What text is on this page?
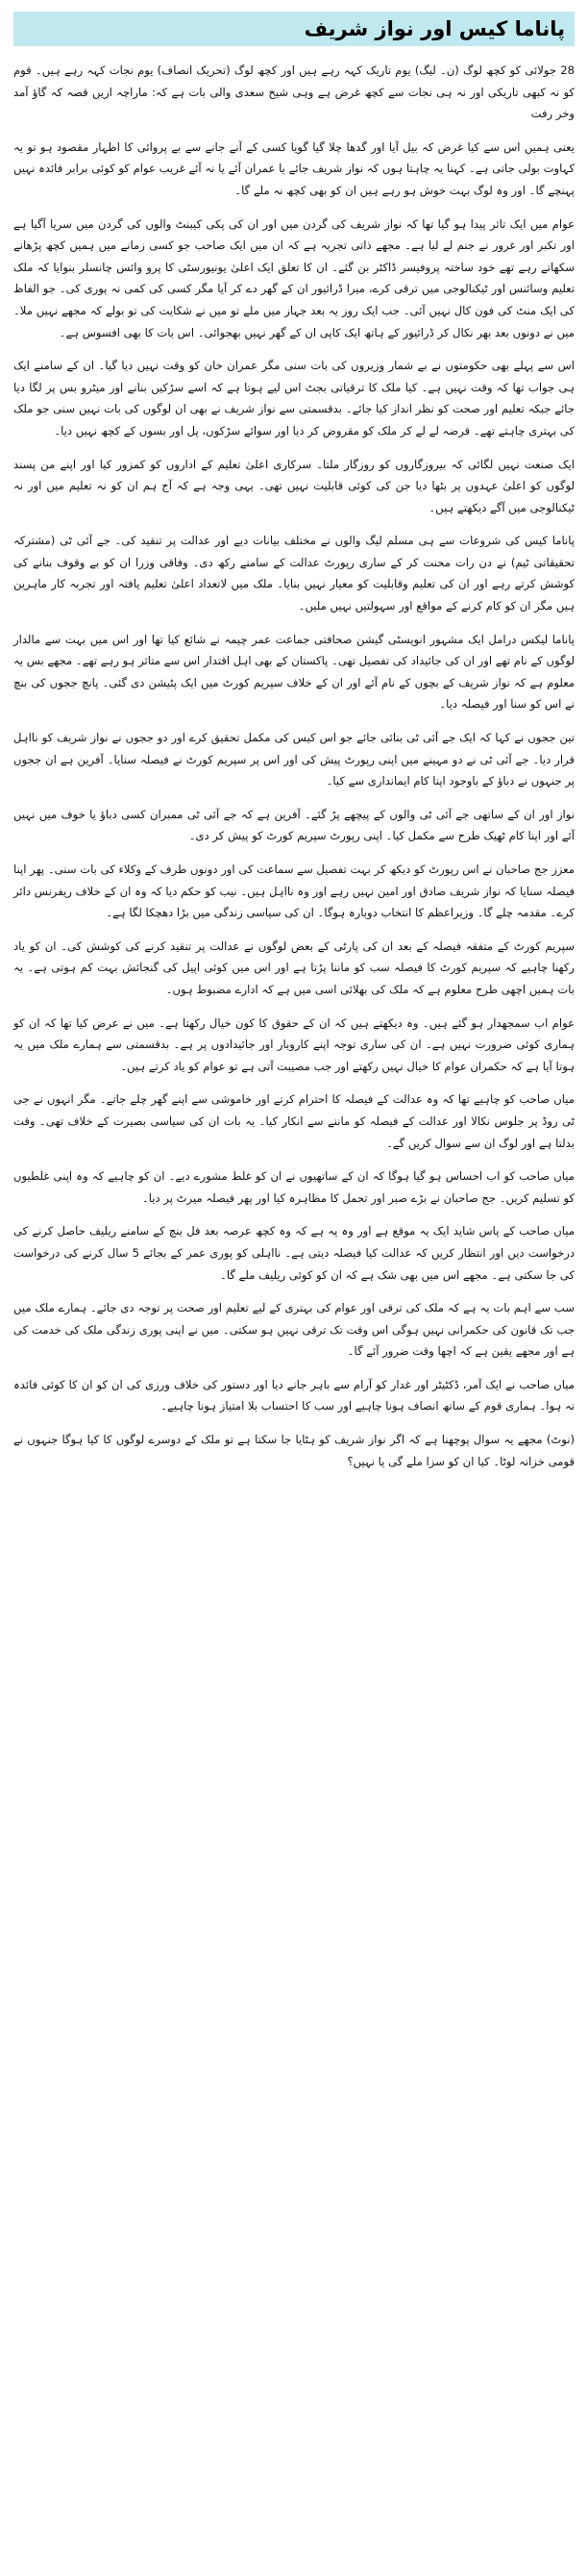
پاناما کیس اور نواز شریف

28 جولائی کو کچھ لوگ (ن۔ لیگ) یوم تاریک کہہ رہے ہیں اور کچھ لوگ (تحریک انصاف) یوم نجات کہہ رہے ہیں۔ قوم کو نہ کبھی تاریکی اور نہ ہی نجات سے کچھ غرض ہے وہی شیخ سعدی والی بات ہے کہ: ماراچہ ازیں قصہ کہ گاؤ آمد وخر رفت

یعنی ہمیں اس سے کیا غرض کہ بیل آیا اور گدھا چلا گیا گویا کسی کے آنے جانے سے بے پروائی کا اظہار مقصود ہو تو یہ کہاوت بولی جاتی ہے۔ کہنا یہ چاہتا ہوں کہ نواز شریف جائے یا عمران آئے یا نہ آئے غریب عوام کو کوئی برابر فائدہ نہیں پہنچے گا۔ اور وہ لوگ بہت خوش ہو رہے ہیں ان کو بھی کچھ نہ ملے گا۔

عوام میں ایک تاثر پیدا ہو گیا تھا کہ نواز شریف کی گردن میں اور ان کی پکی کیبنٹ والوں کی گردن میں سریا آگیا ہے اور تکبر اور غرور نے جنم لے لیا ہے۔ مجھے ذاتی تجربہ ہے کہ ان میں ایک صاحب جو کسی زمانے میں ہمیں کچھ پڑھانے سکھاتے رہے تھے خود ساختہ پروفیسر ڈاکٹر بن گئے۔ ان کا تعلق ایک اعلیٰ یونیورسٹی کا پرو وائس چانسلر بنوایا کہ ملک تعلیم وسائنس اور ٹیکنالوجی میں ترقی کرے، میرا ڈرائیور ان کے گھر دے کر آیا مگر کسی کی کمی نہ پوری کی۔ جو الفاظ کی ایک منٹ کی فون کال نہیں آئی۔ جب ایک روز یہ بعد جہاز میں ملے تو میں نے شکایت کی تو بولے کہ مجھے نہیں ملا۔ میں نے دونوں بعد بھر نکال کر ڈرائیور کے ہاتھ ایک کاپی ان کے گھر نہیں بھجوائی۔ اس بات کا بھی افسوس ہے۔

اس سے پہلے بھی حکومتوں نے بے شمار وزیروں کی بات سنی مگر عمران خان کو وقت نہیں دیا گیا۔ ان کے سامنے ایک ہی جواب تھا کہ وقت نہیں ہے۔ کیا ملک کا ترقیاتی بجٹ اس لیے ہوتا ہے کہ اسے سڑکیں بنانے اور میٹرو بس پر لگا دیا جائے جبکہ تعلیم اور صحت کو نظر انداز کیا جائے۔ بدقسمتی سے نواز شریف نے بھی ان لوگوں کی بات نہیں سنی جو ملک کی بہتری چاہتے تھے۔ قرضہ لے لے کر ملک کو مقروض کر دیا اور سوائے سڑکوں، پل اور بسوں کے کچھ نہیں دیا۔

ایک صنعت نہیں لگائی کہ بیروزگاروں کو روزگار ملتا۔ سرکاری اعلیٰ تعلیم کے اداروں کو کمزور کیا اور اپنے من پسند لوگوں کو اعلیٰ عہدوں پر بٹھا دیا جن کی کوئی قابلیت نہیں تھی۔ یہی وجہ ہے کہ آج ہم ان کو نہ تعلیم میں اور نہ ٹیکنالوجی میں آگے دیکھتے ہیں۔

پاناما کیس کی شروعات سے ہی مسلم لیگ والوں نے مختلف بیانات دیے اور عدالت پر تنقید کی۔ جے آئی ٹی (مشترکہ تحقیقاتی ٹیم) نے دن رات محنت کر کے ساری رپورٹ عدالت کے سامنے رکھ دی۔ وفاقی وزرا ان کو بے وقوف بنانے کی کوشش کرتے رہے اور ان کی تعلیم وقابلیت کو معیار نہیں بنایا۔ ملک میں لاتعداد اعلیٰ تعلیم یافتہ اور تجربہ کار ماہرین ہیں مگر ان کو کام کرنے کے مواقع اور سہولتیں نہیں ملیں۔

پاناما لیکس درامل ایک مشہور انویسٹی گیشن صحافتی جماعت عمر چیمہ نے شائع کیا تھا اور اس میں بہت سے مالدار لوگوں کے نام تھے اور ان کی جائیداد کی تفصیل تھی۔ پاکستان کے بھی اہل اقتدار اس سے متاثر ہو رہے تھے۔ مجھے بس یہ معلوم ہے کہ نواز شریف کے بچوں کے نام آئے اور ان کے خلاف سپریم کورٹ میں ایک پٹیشن دی گئی۔ پانچ ججوں کی بنچ نے اس کو سنا اور فیصلہ دیا۔

تین ججوں نے کہا کہ ایک جے آئی ٹی بنائی جائے جو اس کیس کی مکمل تحقیق کرے اور دو ججوں نے نواز شریف کو نااہل قرار دیا۔ جے آئی ٹی نے دو مہینے میں اپنی رپورٹ پیش کی اور اس پر سپریم کورٹ نے فیصلہ سنایا۔ آفرین ہے ان ججوں پر جنہوں نے دباؤ کے باوجود اپنا کام ایمانداری سے کیا۔

نواز اور ان کے ساتھی جے آئی ٹی والوں کے پیچھے پڑ گئے۔ آفرین ہے کہ جے آئی ٹی ممبران کسی دباؤ یا خوف میں نہیں آئے اور اپنا کام ٹھیک طرح سے مکمل کیا۔ اپنی رپورٹ سپریم کورٹ کو پیش کر دی۔

معزز جج صاحبان نے اس رپورٹ کو دیکھ کر بہت تفصیل سے سماعت کی اور دونوں طرف کے وکلاء کی بات سنی۔ پھر اپنا فیصلہ سنایا کہ نواز شریف صادق اور امین نہیں رہے اور وہ نااہل ہیں۔ نیب کو حکم دیا کہ وہ ان کے خلاف ریفرنس دائر کرے۔ مقدمہ چلے گا۔ وزیراعظم کا انتخاب دوبارہ ہوگا۔ ان کی سیاسی زندگی میں بڑا دھچکا لگا ہے۔

سپریم کورٹ کے متفقہ فیصلہ کے بعد ان کی پارٹی کے بعض لوگوں نے عدالت پر تنقید کرنے کی کوشش کی۔ ان کو یاد رکھنا چاہیے کہ سپریم کورٹ کا فیصلہ سب کو ماننا پڑتا ہے اور اس میں کوئی اپیل کی گنجائش بہت کم ہوتی ہے۔ یہ بات ہمیں اچھی طرح معلوم ہے کہ ملک کی بھلائی اسی میں ہے کہ ادارے مضبوط ہوں۔

عوام اب سمجھدار ہو گئے ہیں۔ وہ دیکھتے ہیں کہ ان کے حقوق کا کون خیال رکھتا ہے۔ میں نے عرض کیا تھا کہ ان کو ہماری کوئی ضرورت نہیں ہے۔ ان کی ساری توجہ اپنے کاروبار اور جائیدادوں پر ہے۔ بدقسمتی سے ہمارے ملک میں یہ ہوتا آیا ہے کہ حکمران عوام کا خیال نہیں رکھتے اور جب مصیبت آتی ہے تو عوام کو یاد کرتے ہیں۔

میاں صاحب کو چاہیے تھا کہ وہ عدالت کے فیصلہ کا احترام کرتے اور خاموشی سے اپنے گھر چلے جاتے۔ مگر انہوں نے جی ٹی روڈ پر جلوس نکالا اور عدالت کے فیصلہ کو ماننے سے انکار کیا۔ یہ بات ان کی سیاسی بصیرت کے خلاف تھی۔ وقت بدلتا ہے اور لوگ ان سے سوال کریں گے۔

میاں صاحب کو اب احساس ہو گیا ہوگا کہ ان کے ساتھیوں نے ان کو غلط مشورے دیے۔ ان کو چاہیے کہ وہ اپنی غلطیوں کو تسلیم کریں۔ جج صاحبان نے بڑے صبر اور تحمل کا مظاہرہ کیا اور پھر فیصلہ میرٹ پر دیا۔

میاں صاحب کے پاس شاید ایک یہ موقع ہے اور وہ یہ ہے کہ وہ کچھ عرصہ بعد فل بنچ کے سامنے ریلیف حاصل کرنے کی درخواست دیں اور انتظار کریں کہ عدالت کیا فیصلہ دیتی ہے۔ نااہلی کو پوری عمر کے بجائے 5 سال کرنے کی درخواست کی جا سکتی ہے۔ مجھے اس میں بھی شک ہے کہ ان کو کوئی ریلیف ملے گا۔

سب سے اہم بات یہ ہے کہ ملک کی ترقی اور عوام کی بہتری کے لیے تعلیم اور صحت پر توجہ دی جائے۔ ہمارے ملک میں جب تک قانون کی حکمرانی نہیں ہوگی اس وقت تک ترقی نہیں ہو سکتی۔ میں نے اپنی پوری زندگی ملک کی خدمت کی ہے اور مجھے یقین ہے کہ اچھا وقت ضرور آئے گا۔

میاں صاحب نے ایک آمر، ڈکٹیٹر اور غدار کو آرام سے باہر جانے دیا اور دستور کی خلاف ورزی کی ان کو ان کا کوئی فائدہ نہ ہوا۔ ہماری قوم کے ساتھ انصاف ہونا چاہیے اور سب کا احتساب بلا امتیاز ہونا چاہیے۔

(نوٹ) مجھے یہ سوال پوچھنا ہے کہ اگر نواز شریف کو ہٹایا جا سکتا ہے تو ملک کے دوسرے لوگوں کا کیا ہوگا جنہوں نے قومی خزانہ لوٹا۔ کیا ان کو سزا ملے گی یا نہیں؟
